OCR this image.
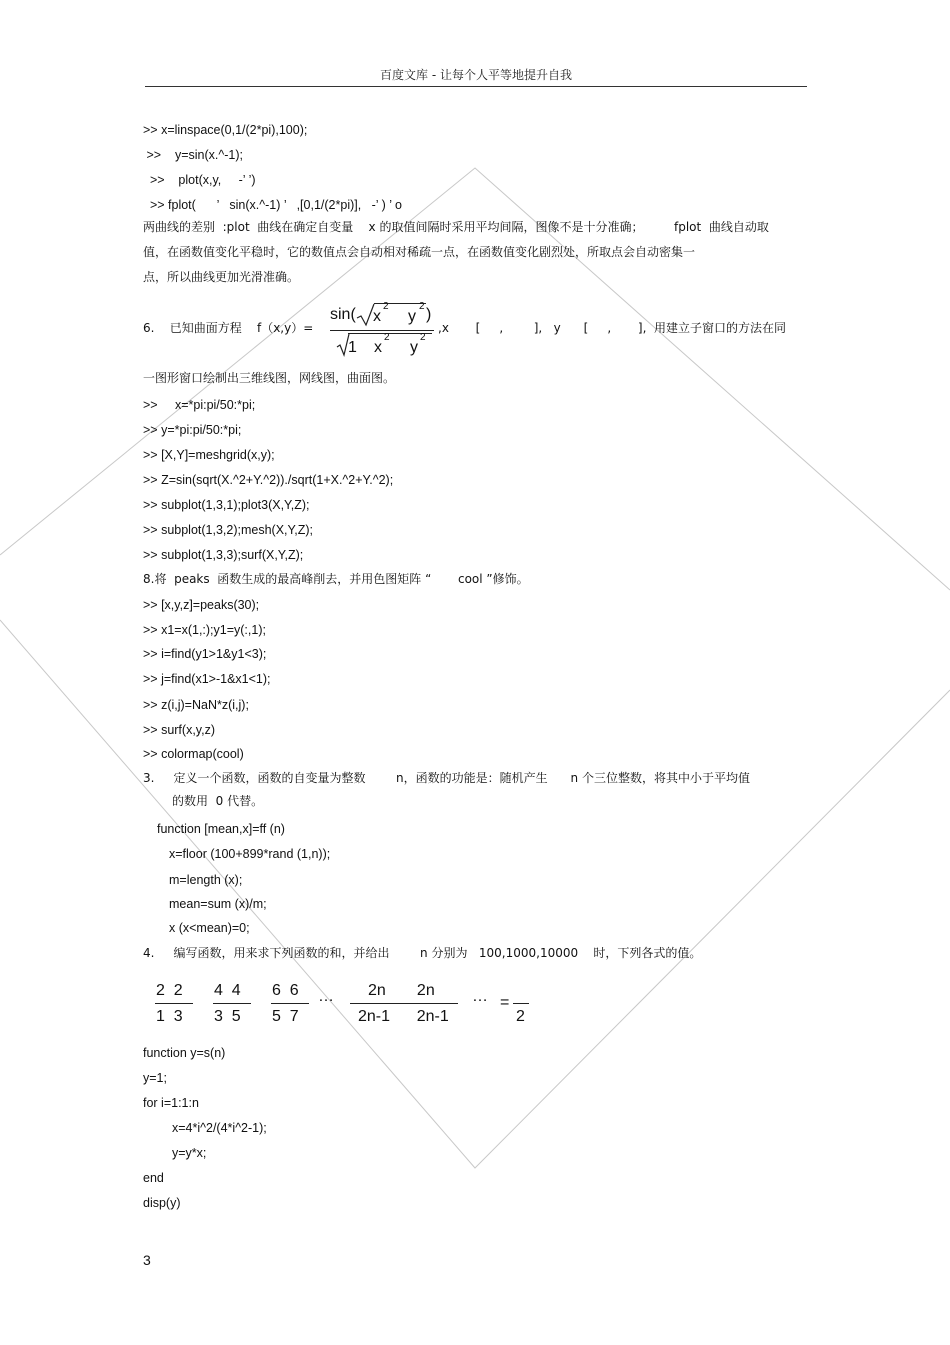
百度文库 - 让每个人平等地提升自我
>> x=linspace(0,1/(2*pi),100);
>>    y=sin(x.^-1);
>>    plot(x,y,     -’ ’)
>> fplot(      ’   sin(x.^-1) ’   ,[0,1/(2*pi)],   -’ ) ’ o
两曲线的差别  :plot  曲线在确定自变量    x 的取值间隔时采用平均间隔，图像不是十分准确；        fplot  曲线自动取
值，在函数值变化平稳时，它的数值点会自动相对稀疏一点，在函数值变化剧烈处，所取点会自动密集一
点，所以曲线更加光滑准确。
6.    已知曲面方程    f（x,y）=
sin( x
2
y
2 )
1 x
2
y
2
,x       [     ,        ],   y      [     ,       ],  用建立子窗口的方法在同
一图形窗口绘制出三维线图，网线图，曲面图。
>>     x=*pi:pi/50:*pi;
>> y=*pi:pi/50:*pi;
>> [X,Y]=meshgrid(x,y);
>> Z=sin(sqrt(X.^2+Y.^2))./sqrt(1+X.^2+Y.^2);
>> subplot(1,3,1);plot3(X,Y,Z);
>> subplot(1,3,2);mesh(X,Y,Z);
>> subplot(1,3,3);surf(X,Y,Z);
8.将  peaks  函数生成的最高峰削去，并用色图矩阵 “       cool ”修饰。
>> [x,y,z]=peaks(30);
>> x1=x(1,:);y1=y(:,1);
>> i=find(y1>1&y1<3);
>> j=find(x1>-1&x1<1);
>> z(i,j)=NaN*z(i,j);
>> surf(x,y,z)
>> colormap(cool)
3.     定义一个函数，函数的自变量为整数        n，函数的功能是：随机产生      n 个三位整数，将其中小于平均值
的数用  0 代替。
function [mean,x]=ff (n)
x=floor (100+899*rand (1,n));
m=length (x);
mean=sum (x)/m;
x (x<mean)=0;
4.     编写函数，用来求下列函数的和，并给出        n 分别为   100,1000,10000    时，下列各式的值。
2  2
1  3
4  4
3  5
6  6
5  7
… 2n       2n
2n-1      2n-1
… =
2
function y=s(n)
y=1;
for i=1:1:n
x=4*i^2/(4*i^2-1);
y=y*x;
end
disp(y)
3
